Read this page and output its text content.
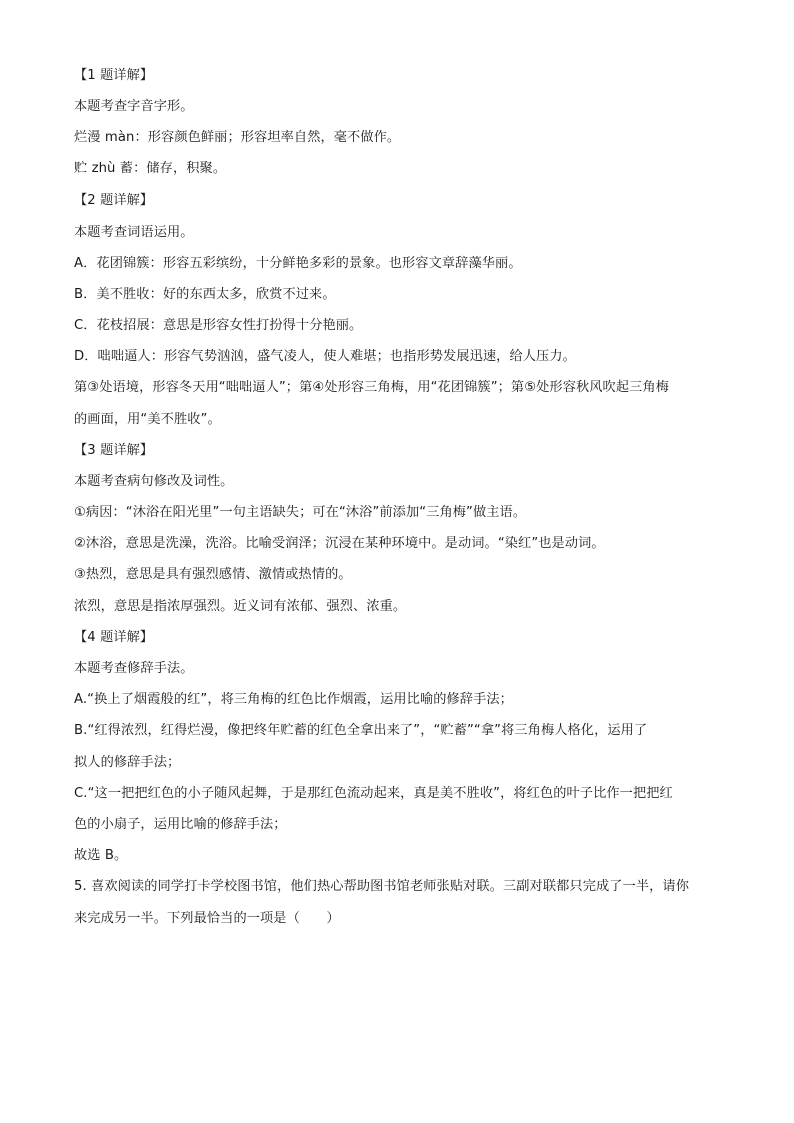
【1 题详解】
本题考查字音字形。
烂漫 màn：形容颜色鲜丽；形容坦率自然，毫不做作。
贮 zhù 蓄：储存，积聚。
【2 题详解】
本题考查词语运用。
A．花团锦簇：形容五彩缤纷，十分鲜艳多彩的景象。也形容文章辞藻华丽。
B．美不胜收：好的东西太多，欣赏不过来。
C．花枝招展：意思是形容女性打扮得十分艳丽。
D．咄咄逼人：形容气势汹汹，盛气凌人，使人难堪；也指形势发展迅速，给人压力。
第③处语境，形容冬天用“咄咄逼人”；第④处形容三角梅，用“花团锦簇”；第⑤处形容秋风吹起三角梅
的画面，用“美不胜收”。
【3 题详解】
本题考查病句修改及词性。
①病因：“沐浴在阳光里”一句主语缺失；可在“沐浴”前添加“三角梅”做主语。
②沐浴，意思是洗澡，洗浴。比喻受润泽；沉浸在某种环境中。是动词。“染红”也是动词。
③热烈，意思是具有强烈感情、激情或热情的。
浓烈，意思是指浓厚强烈。近义词有浓郁、强烈、浓重。
【4 题详解】
本题考查修辞手法。
A.“换上了烟霞般的红”，将三角梅的红色比作烟霞，运用比喻的修辞手法；
B.“红得浓烈，红得烂漫，像把终年贮蓄的红色全拿出来了”，“贮蓄”“拿”将三角梅人格化，运用了
拟人的修辞手法；
C.“这一把把红色的小子随风起舞，于是那红色流动起来，真是美不胜收”，将红色的叶子比作一把把红
色的小扇子，运用比喻的修辞手法；
故选 B。
5. 喜欢阅读的同学打卡学校图书馆，他们热心帮助图书馆老师张贴对联。三副对联都只完成了一半，请你
来完成另一半。下列最恰当的一项是（　　）
